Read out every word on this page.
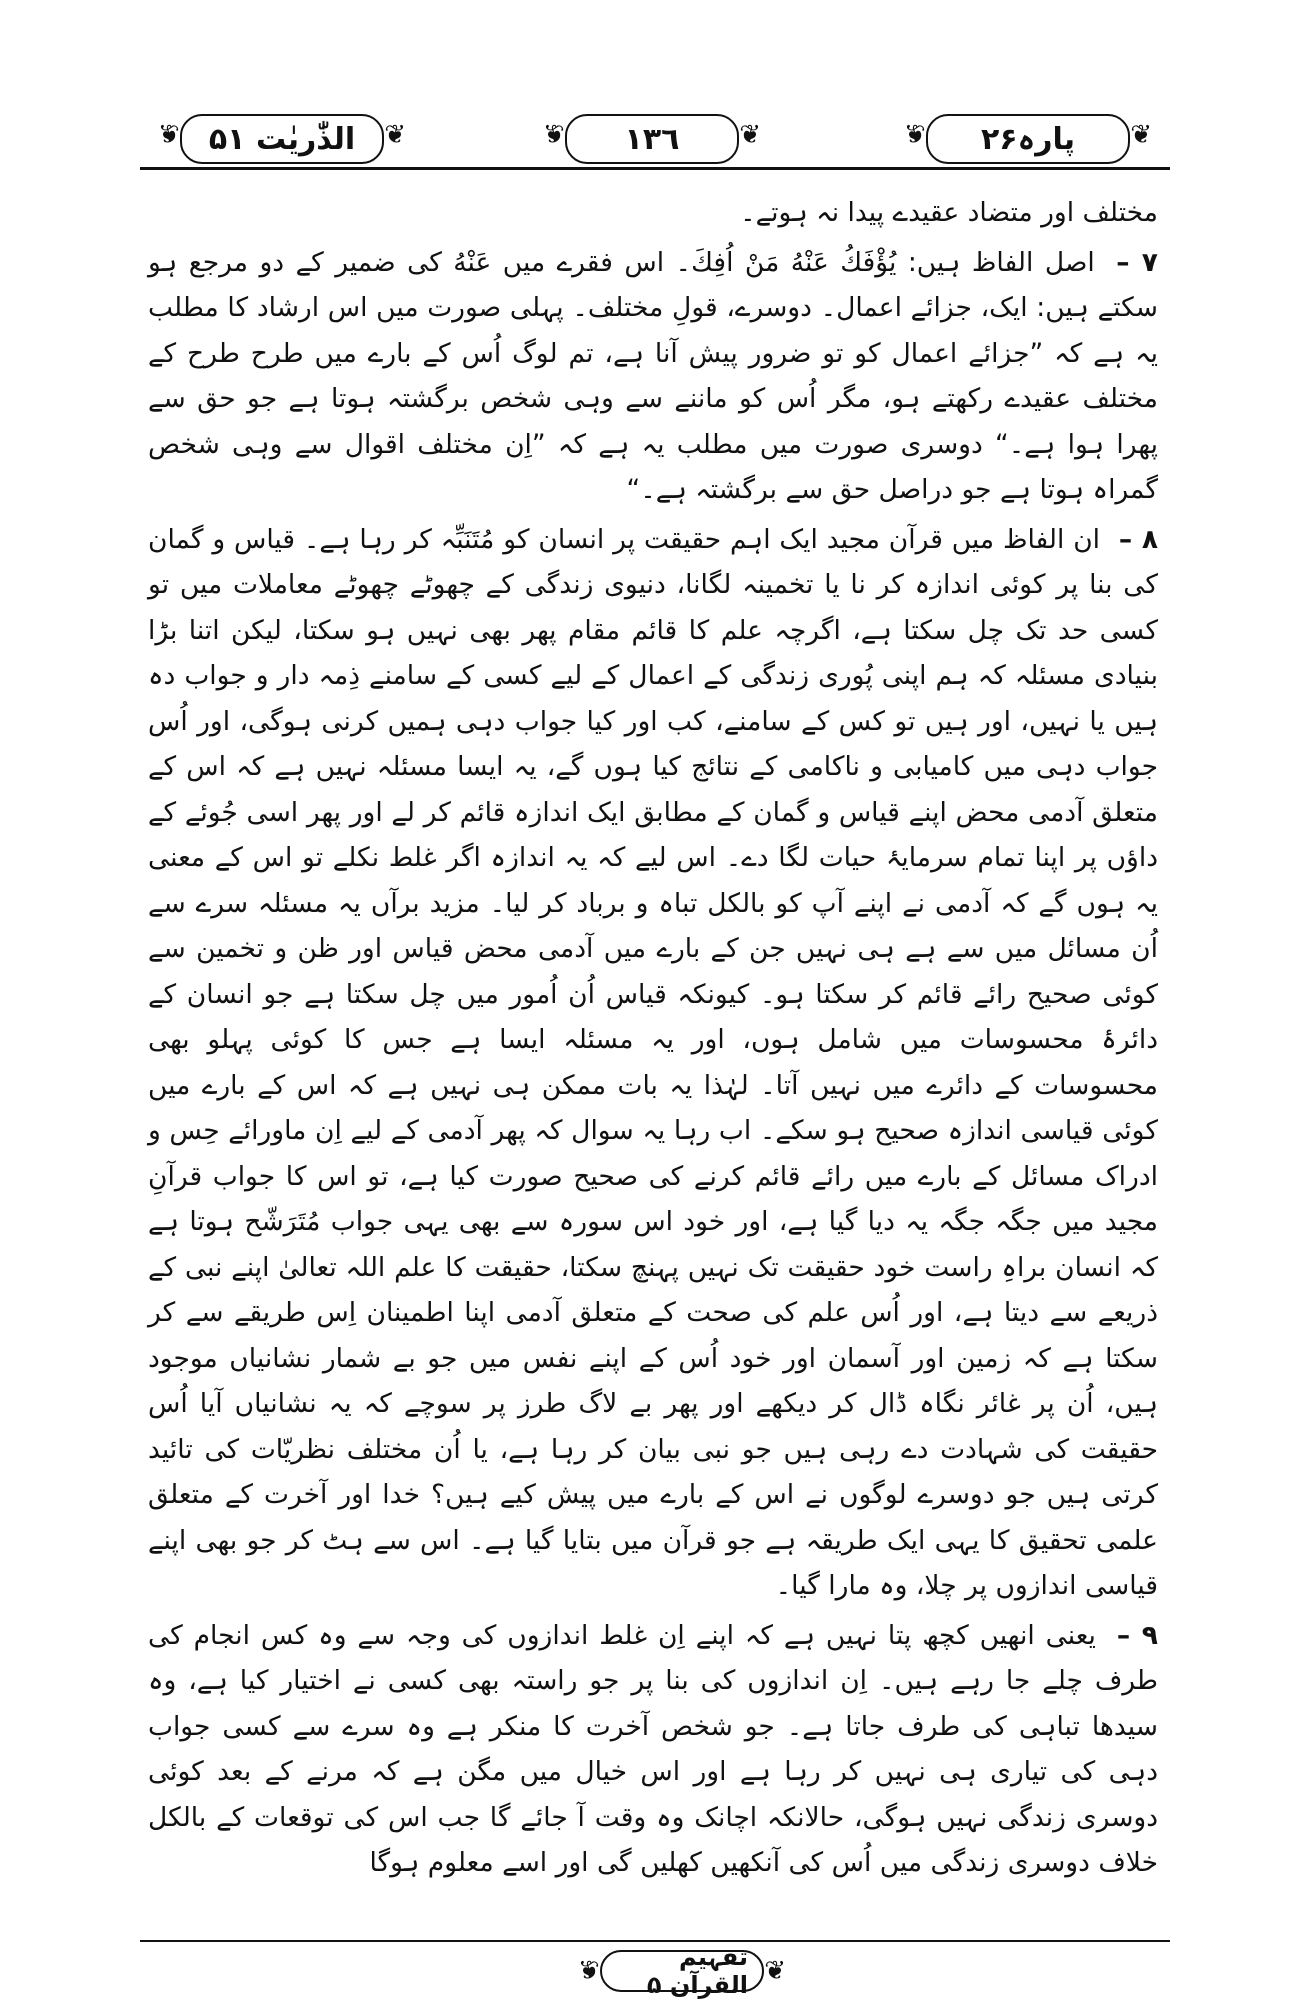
❦ پارہ۲۶
❦
❦ ١٣٦
❦
❦ الذّٰریٰت ۵۱
❦

مختلف اور متضاد عقیدے پیدا نہ ہوتے۔

۷ – اصل الفاظ ہیں: یُؤْفَكُ عَنْهُ مَنْ اُفِكَ۔ اس فقرے میں عَنْهُ کی ضمیر کے دو مرجع ہو سکتے ہیں: ایک، جزائے اعمال۔ دوسرے، قولِ مختلف۔ پہلی صورت میں اس ارشاد کا مطلب یہ ہے کہ ”جزائے اعمال کو تو ضرور پیش آنا ہے، تم لوگ اُس کے بارے میں طرح طرح کے مختلف عقیدے رکھتے ہو، مگر اُس کو ماننے سے وہی شخص برگشتہ ہوتا ہے جو حق سے پھرا ہوا ہے۔“ دوسری صورت میں مطلب یہ ہے کہ ”اِن مختلف اقوال سے وہی شخص گمراہ ہوتا ہے جو دراصل حق سے برگشتہ ہے۔“

۸ – ان الفاظ میں قرآن مجید ایک اہم حقیقت پر انسان کو مُتَنَبِّہ کر رہا ہے۔ قیاس و گمان کی بنا پر کوئی اندازہ کر نا یا تخمینہ لگانا، دنیوی زندگی کے چھوٹے چھوٹے معاملات میں تو کسی حد تک چل سکتا ہے، اگرچہ علم کا قائم مقام پھر بھی نہیں ہو سکتا، لیکن اتنا بڑا بنیادی مسئلہ کہ ہم اپنی پُوری زندگی کے اعمال کے لیے کسی کے سامنے ذِمہ دار و جواب دہ ہیں یا نہیں، اور ہیں تو کس کے سامنے، کب اور کیا جواب دہی ہمیں کرنی ہوگی، اور اُس جواب دہی میں کامیابی و ناکامی کے نتائج کیا ہوں گے، یہ ایسا مسئلہ نہیں ہے کہ اس کے متعلق آدمی محض اپنے قیاس و گمان کے مطابق ایک اندازہ قائم کر لے اور پھر اسی جُوئے کے داؤں پر اپنا تمام سرمایۂ حیات لگا دے۔ اس لیے کہ یہ اندازہ اگر غلط نکلے تو اس کے معنی یہ ہوں گے کہ آدمی نے اپنے آپ کو بالکل تباہ و برباد کر لیا۔ مزید برآں یہ مسئلہ سرے سے اُن مسائل میں سے ہے ہی نہیں جن کے بارے میں آدمی محض قیاس اور ظن و تخمین سے کوئی صحیح رائے قائم کر سکتا ہو۔ کیونکہ قیاس اُن اُمور میں چل سکتا ہے جو انسان کے دائرۂ محسوسات میں شامل ہوں، اور یہ مسئلہ ایسا ہے جس کا کوئی پہلو بھی محسوسات کے دائرے میں نہیں آتا۔ لہٰذا یہ بات ممکن ہی نہیں ہے کہ اس کے بارے میں کوئی قیاسی اندازہ صحیح ہو سکے۔ اب رہا یہ سوال کہ پھر آدمی کے لیے اِن ماورائے حِس و ادراک مسائل کے بارے میں رائے قائم کرنے کی صحیح صورت کیا ہے، تو اس کا جواب قرآنِ مجید میں جگہ جگہ یہ دیا گیا ہے، اور خود اس سورہ سے بھی یہی جواب مُتَرَشّح ہوتا ہے کہ انسان براہِ راست خود حقیقت تک نہیں پہنچ سکتا، حقیقت کا علم اللہ تعالیٰ اپنے نبی کے ذریعے سے دیتا ہے، اور اُس علم کی صحت کے متعلق آدمی اپنا اطمینان اِس طریقے سے کر سکتا ہے کہ زمین اور آسمان اور خود اُس کے اپنے نفس میں جو بے شمار نشانیاں موجود ہیں، اُن پر غائر نگاہ ڈال کر دیکھے اور پھر بے لاگ طرز پر سوچے کہ یہ نشانیاں آیا اُس حقیقت کی شہادت دے رہی ہیں جو نبی بیان کر رہا ہے، یا اُن مختلف نظریّات کی تائید کرتی ہیں جو دوسرے لوگوں نے اس کے بارے میں پیش کیے ہیں؟ خدا اور آخرت کے متعلق علمی تحقیق کا یہی ایک طریقہ ہے جو قرآن میں بتایا گیا ہے۔ اس سے ہٹ کر جو بھی اپنے قیاسی اندازوں پر چلا، وہ مارا گیا۔

۹ – یعنی انھیں کچھ پتا نہیں ہے کہ اپنے اِن غلط اندازوں کی وجہ سے وہ کس انجام کی طرف چلے جا رہے ہیں۔ اِن اندازوں کی بنا پر جو راستہ بھی کسی نے اختیار کیا ہے، وہ سیدھا تباہی کی طرف جاتا ہے۔ جو شخص آخرت کا منکر ہے وہ سرے سے کسی جواب دہی کی تیاری ہی نہیں کر رہا ہے اور اس خیال میں مگن ہے کہ مرنے کے بعد کوئی دوسری زندگی نہیں ہوگی، حالانکہ اچانک وہ وقت آ جائے گا جب اس کی توقعات کے بالکل خلاف دوسری زندگی میں اُس کی آنکھیں کھلیں گی اور اسے معلوم ہوگا

❦ تفہیم القرآن ۵
❦
